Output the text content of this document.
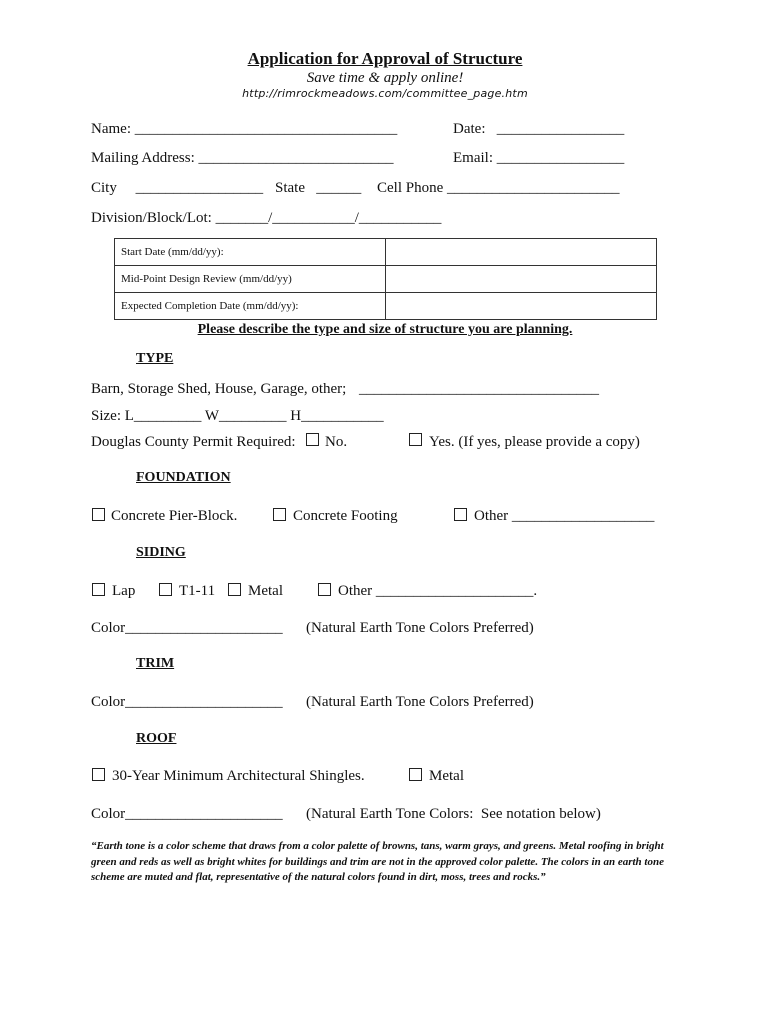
Application for Approval of Structure
Save time & apply online!
http://rimrockmeadows.com/committee_page.htm
Name: ___________________________________	Date:   _________________
Mailing Address: __________________________	Email: _________________
City     _________________ State   ______ Cell Phone _______________________
Division/Block/Lot: _______/___________/___________
Start Date (mm/dd/yy):	
Mid-Point Design Review (mm/dd/yy)	
Expected Completion Date (mm/dd/yy):	
Please describe the type and size of structure you are planning.
TYPE
Barn, Storage Shed, House, Garage, other; ________________________________
Size: L_________ W_________ H___________
Douglas County Permit Required: No.	Yes. (If yes, please provide a copy)
FOUNDATION
Concrete Pier-Block.	Concrete Footing	Other ___________________
SIDING
Lap	T1-11 Metal	Other _____________________.
Color_____________________ (Natural Earth Tone Colors Preferred)
TRIM
Color_____________________ (Natural Earth Tone Colors Preferred)
ROOF
30-Year Minimum Architectural Shingles.	Metal
Color_____________________ (Natural Earth Tone Colors:  See notation below)
“Earth tone is a color scheme that draws from a color palette of browns, tans, warm grays, and greens. Metal roofing in bright green and reds as well as bright whites for buildings and trim are not in the approved color palette. The colors in an earth tone scheme are muted and flat, representative of the natural colors found in dirt, moss, trees and rocks.”
